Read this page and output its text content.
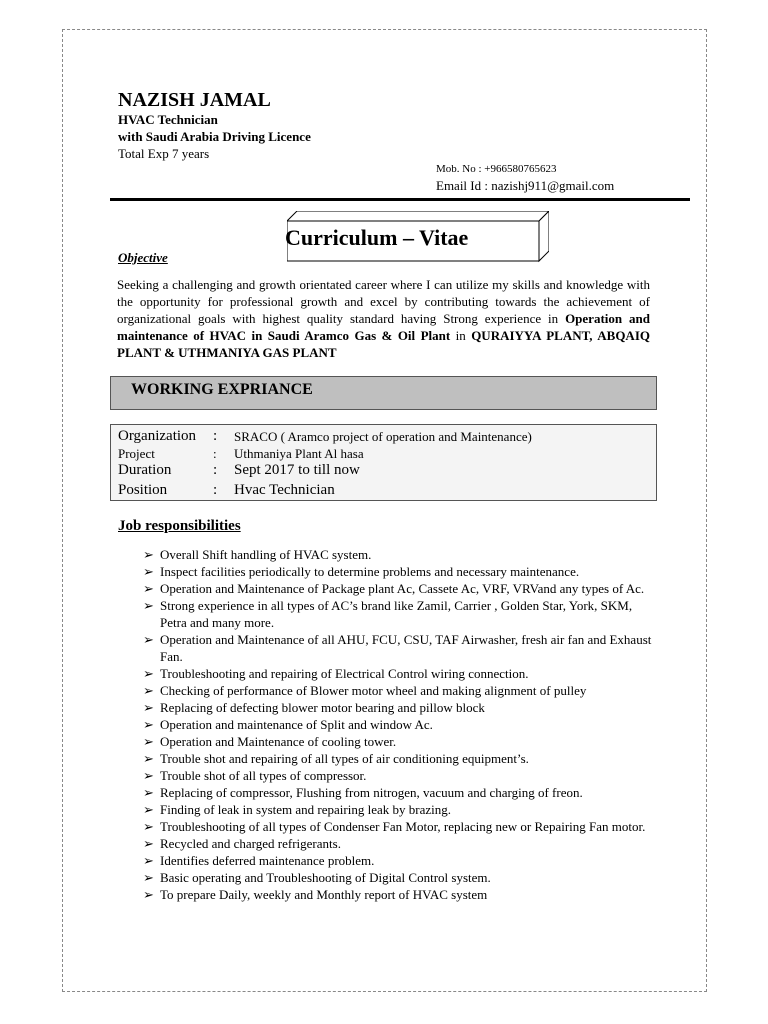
NAZISH JAMAL
HVAC Technician
with Saudi Arabia Driving Licence
Total Exp 7 years
Mob. No : +966580765623
Email Id : nazishj911@gmail.com
Curriculum – Vitae
Objective
Seeking a challenging and growth orientated career where I can utilize my skills and knowledge with the opportunity for professional growth and excel by contributing towards the achievement of organizational goals with highest quality standard having Strong experience in Operation and maintenance of HVAC in Saudi Aramco Gas & Oil Plant in QURAIYYA PLANT, ABQAIQ PLANT & UTHMANIYA GAS PLANT
WORKING EXPRIANCE
Organization : SRACO ( Aramco project of operation and Maintenance)
Project	: Uthmaniya Plant Al hasa
Duration	: Sept 2017 to till now
Position	: Hvac Technician
Job responsibilities
➢ Overall Shift handling of HVAC system.
➢ Inspect facilities periodically to determine problems and necessary maintenance.
➢ Operation and Maintenance of Package plant Ac, Cassete Ac, VRF, VRVand any types of Ac.
➢ Strong experience in all types of AC’s brand like Zamil, Carrier , Golden Star, York, SKM, Petra and many more.
➢ Operation and Maintenance of all AHU, FCU, CSU, TAF Airwasher, fresh air fan and Exhaust Fan.
➢ Troubleshooting and repairing of Electrical Control wiring connection.
➢ Checking of performance of Blower motor wheel and making alignment of pulley
➢ Replacing of defecting blower motor bearing and pillow block
➢ Operation and maintenance of Split and window Ac.
➢ Operation and Maintenance of cooling tower.
➢ Trouble shot and repairing of all types of air conditioning equipment’s.
➢ Trouble shot of all types of compressor.
➢ Replacing of compressor, Flushing from nitrogen, vacuum and charging of freon.
➢ Finding of leak in system and repairing leak by brazing.
➢ Troubleshooting of all types of Condenser Fan Motor, replacing new or Repairing Fan motor.
➢ Recycled and charged refrigerants.
➢ Identifies deferred maintenance problem.
➢ Basic operating and Troubleshooting of Digital Control system.
➢ To prepare Daily, weekly and Monthly report of HVAC system
